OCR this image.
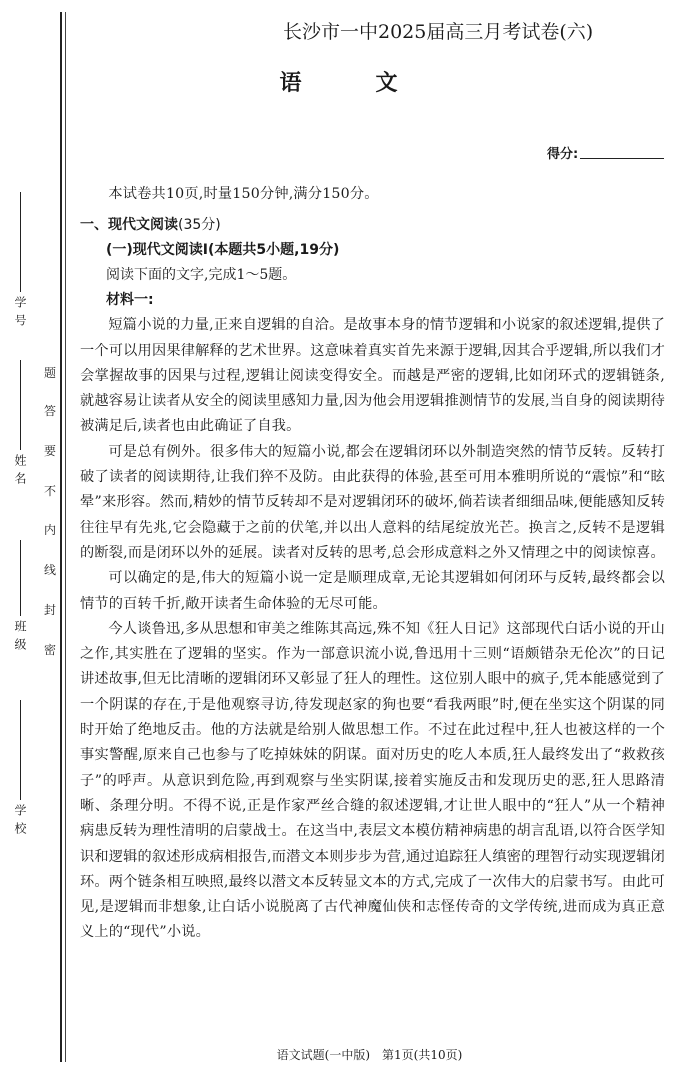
学号
姓名
班级
学校
题
答
要
不
内
线
封
密
长沙市一中2025届高三月考试卷(六)
语　文
得分:

本试卷共10页,时量150分钟,满分150分。

一、现代文阅读(35分)

(一)现代文阅读Ⅰ(本题共5小题,19分)

阅读下面的文字,完成1～5题。

材料一:

短篇小说的力量,正来自逻辑的自洽。是故事本身的情节逻辑和小说家的叙述逻辑,提供了一个可以用因果律解释的艺术世界。这意味着真实首先来源于逻辑,因其合乎逻辑,所以我们才会掌握故事的因果与过程,逻辑让阅读变得安全。而越是严密的逻辑,比如闭环式的逻辑链条,就越容易让读者从安全的阅读里感知力量,因为他会用逻辑推测情节的发展,当自身的阅读期待被满足后,读者也由此确证了自我。

可是总有例外。很多伟大的短篇小说,都会在逻辑闭环以外制造突然的情节反转。反转打破了读者的阅读期待,让我们猝不及防。由此获得的体验,甚至可用本雅明所说的“震惊”和“眩晕”来形容。然而,精妙的情节反转却不是对逻辑闭环的破坏,倘若读者细细品味,便能感知反转往往早有先兆,它会隐藏于之前的伏笔,并以出人意料的结尾绽放光芒。换言之,反转不是逻辑的断裂,而是闭环以外的延展。读者对反转的思考,总会形成意料之外又情理之中的阅读惊喜。

可以确定的是,伟大的短篇小说一定是顺理成章,无论其逻辑如何闭环与反转,最终都会以情节的百转千折,敞开读者生命体验的无尽可能。

今人谈鲁迅,多从思想和审美之维陈其高远,殊不知《狂人日记》这部现代白话小说的开山之作,其实胜在了逻辑的坚实。作为一部意识流小说,鲁迅用十三则“语颇错杂无伦次”的日记讲述故事,但无比清晰的逻辑闭环又彰显了狂人的理性。这位别人眼中的疯子,凭本能感觉到了一个阴谋的存在,于是他观察寻访,待发现赵家的狗也要“看我两眼”时,便在坐实这个阴谋的同时开始了绝地反击。他的方法就是给别人做思想工作。不过在此过程中,狂人也被这样的一个事实警醒,原来自己也参与了吃掉妹妹的阴谋。面对历史的吃人本质,狂人最终发出了“救救孩子”的呼声。从意识到危险,再到观察与坐实阴谋,接着实施反击和发现历史的恶,狂人思路清晰、条理分明。不得不说,正是作家严丝合缝的叙述逻辑,才让世人眼中的“狂人”从一个精神病患反转为理性清明的启蒙战士。在这当中,表层文本模仿精神病患的胡言乱语,以符合医学知识和逻辑的叙述形成病相报告,而潜文本则步步为营,通过追踪狂人缜密的理智行动实现逻辑闭环。两个链条相互映照,最终以潜文本反转显文本的方式,完成了一次伟大的启蒙书写。由此可见,是逻辑而非想象,让白话小说脱离了古代神魔仙侠和志怪传奇的文学传统,进而成为真正意义上的“现代”小说。

语文试题(一中版)　第1页(共10页)
